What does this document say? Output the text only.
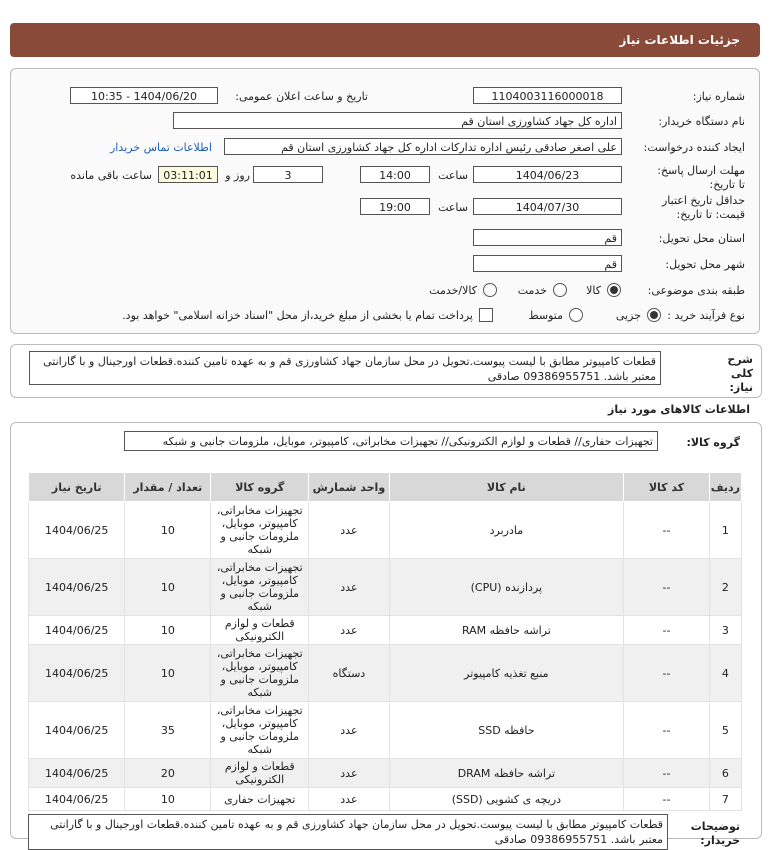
جزئیات اطلاعات نیاز
شماره نیاز:
1104003116000018
تاریخ و ساعت اعلان عمومی:
1404/06/20 - 10:35
نام دستگاه خریدار:
اداره کل جهاد کشاورزی استان قم
ایجاد کننده درخواست:
علی اصغر صادقی رئیس اداره تدارکات اداره کل جهاد کشاورزی استان قم
اطلاعات تماس خریدار
مهلت ارسال پاسخ: تا تاریخ:
1404/06/23
ساعت
14:00
3
روز و
03:11:01
ساعت باقی مانده
حداقل تاریخ اعتبار قیمت: تا تاریخ:
1404/07/30
ساعت
19:00
استان محل تحویل:
قم
شهر محل تحویل:
قم
طبقه بندی موضوعی:
کالا
خدمت
کالا/خدمت
نوع فرآیند خرید :
جزیی
متوسط
پرداخت تمام یا بخشی از مبلغ خرید،از محل "اسناد خزانه اسلامی" خواهد بود.
شرح کلی نیاز:
قطعات کامپیوتر مطابق با لیست پیوست.تحویل در محل سازمان جهاد کشاورزی قم و به عهده تامین کننده.قطعات اورجینال و با گارانتی معتبر باشد. 09386955751 صادقی
اطلاعات کالاهای مورد نیاز
گروه کالا:
تجهیزات حفاری// قطعات و لوازم الکترونیکی// تجهیزات مخابراتی، کامپیوتر، موبایل، ملزومات جانبی و شبکه
ردیف	کد کالا	نام کالا	واحد شمارش	گروه کالا	تعداد / مقدار	تاریخ نیاز
1	--	مادربرد	عدد	تجهیزات مخابراتی، کامپیوتر، موبایل، ملزومات جانبی و شبکه	10	1404/06/25
2	--	پردازنده (CPU)	عدد	تجهیزات مخابراتی، کامپیوتر، موبایل، ملزومات جانبی و شبکه	10	1404/06/25
3	--	تراشه حافظه RAM	عدد	قطعات و لوازم الکترونیکی	10	1404/06/25
4	--	منبع تغذیه کامپیوتر	دستگاه	تجهیزات مخابراتی، کامپیوتر، موبایل، ملزومات جانبی و شبکه	10	1404/06/25
5	--	حافظه SSD	عدد	تجهیزات مخابراتی، کامپیوتر، موبایل، ملزومات جانبی و شبکه	35	1404/06/25
6	--	تراشه حافظه DRAM	عدد	قطعات و لوازم الکترونیکی	20	1404/06/25
7	--	دریچه ی کشویی (SSD)	عدد	تجهیزات حفاری	10	1404/06/25
توضیحات خریدار:
قطعات کامپیوتر مطابق با لیست پیوست.تحویل در محل سازمان جهاد کشاورزی قم و به عهده تامین کننده.قطعات اورجینال و با گارانتی معتبر باشد. 09386955751 صادقی
